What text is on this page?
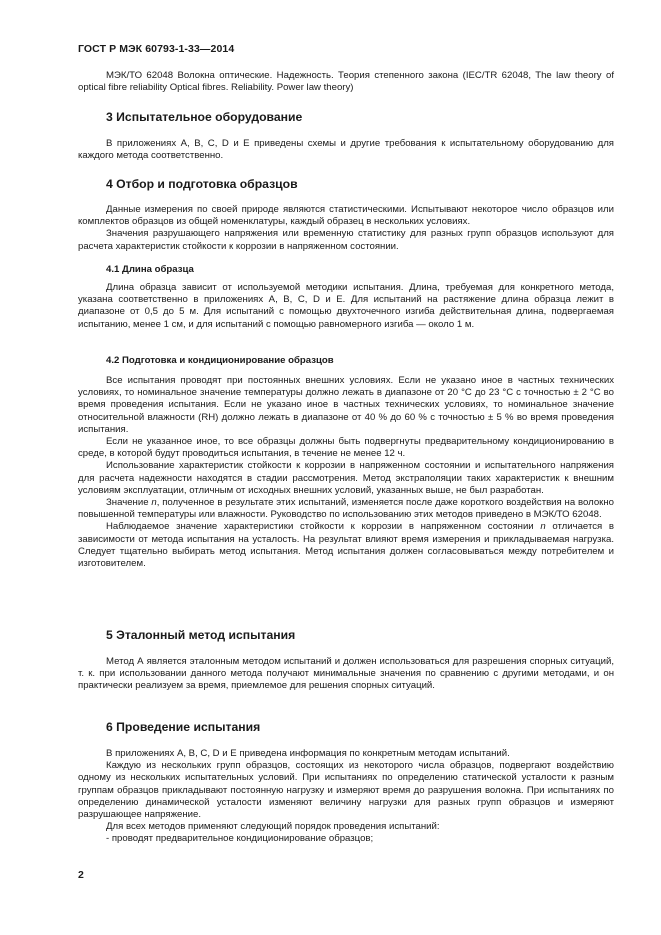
ГОСТ Р МЭК 60793-1-33—2014

МЭК/ТО 62048 Волокна оптические. Надежность. Теория степенного закона (IEC/TR 62048, The law theory of optical fibre reliability Optical fibres. Reliability. Power law theory)

3 Испытательное оборудование

В приложениях А, В, С, D и Е приведены схемы и другие требования к испытательному оборудованию для каждого метода соответственно.

4 Отбор и подготовка образцов

Данные измерения по своей природе являются статистическими. Испытывают некоторое число образцов или комплектов образцов из общей номенклатуры, каждый образец в нескольких условиях.

Значения разрушающего напряжения или временную статистику для разных групп образцов используют для расчета характеристик стойкости к коррозии в напряженном состоянии.

4.1 Длина образца

Длина образца зависит от используемой методики испытания. Длина, требуемая для конкретного метода, указана соответственно в приложениях А, В, С, D и Е. Для испытаний на растяжение длина образца лежит в диапазоне от 0,5 до 5 м. Для испытаний с помощью двухточечного изгиба действительная длина, подвергаемая испытанию, менее 1 см, и для испытаний с помощью равномерного изгиба — около 1 м.

4.2 Подготовка и кондиционирование образцов

Все испытания проводят при постоянных внешних условиях. Если не указано иное в частных технических условиях, то номинальное значение температуры должно лежать в диапазоне от 20 °С до 23 °С с точностью ± 2 °С во время проведения испытания. Если не указано иное в частных технических условиях, то номинальное значение относительной влажности (RH) должно лежать в диапазоне от 40 % до 60 % с точностью ± 5 % во время проведения испытания.

Если не указанное иное, то все образцы должны быть подвергнуты предварительному кондиционированию в среде, в которой будут проводиться испытания, в течение не менее 12 ч.

Использование характеристик стойкости к коррозии в напряженном состоянии и испытательного напряжения для расчета надежности находятся в стадии рассмотрения. Метод экстраполяции таких характеристик к внешним условиям эксплуатации, отличным от исходных внешних условий, указанных выше, не был разработан.

Значение n, полученное в результате этих испытаний, изменяется после даже короткого воздействия на волокно повышенной температуры или влажности. Руководство по использованию этих методов приведено в МЭК/ТО 62048.

Наблюдаемое значение характеристики стойкости к коррозии в напряженном состоянии n отличается в зависимости от метода испытания на усталость. На результат влияют время измерения и прикладываемая нагрузка. Следует тщательно выбирать метод испытания. Метод испытания должен согласовываться между потребителем и изготовителем.

5 Эталонный метод испытания

Метод А является эталонным методом испытаний и должен использоваться для разрешения спорных ситуаций, т. к. при использовании данного метода получают минимальные значения по сравнению с другими методами, и он практически реализуем за время, приемлемое для решения спорных ситуаций.

6 Проведение испытания

В приложениях А, В, С, D и Е приведена информация по конкретным методам испытаний.

Каждую из нескольких групп образцов, состоящих из некоторого числа образцов, подвергают воздействию одному из нескольких испытательных условий. При испытаниях по определению статической усталости к разным группам образцов прикладывают постоянную нагрузку и измеряют время до разрушения волокна. При испытаниях по определению динамической усталости изменяют величину нагрузки для разных групп образцов и измеряют разрушающее напряжение.

Для всех методов применяют следующий порядок проведения испытаний:

- проводят предварительное кондиционирование образцов;

2
